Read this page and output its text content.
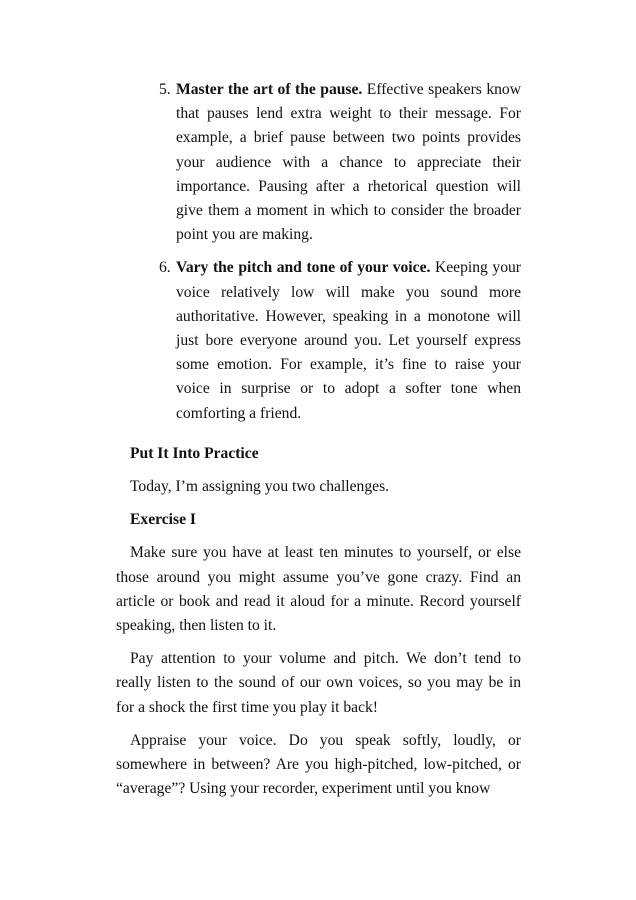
5. Master the art of the pause. Effective speakers know that pauses lend extra weight to their message. For example, a brief pause between two points provides your audience with a chance to appreciate their importance. Pausing after a rhetorical question will give them a moment in which to consider the broader point you are making.
6. Vary the pitch and tone of your voice. Keeping your voice relatively low will make you sound more authoritative. However, speaking in a monotone will just bore everyone around you. Let yourself express some emotion. For example, it’s fine to raise your voice in surprise or to adopt a softer tone when comforting a friend.
Put It Into Practice

Today, I’m assigning you two challenges.

Exercise I

Make sure you have at least ten minutes to yourself, or else those around you might assume you’ve gone crazy. Find an article or book and read it aloud for a minute. Record yourself speaking, then listen to it.

Pay attention to your volume and pitch. We don’t tend to really listen to the sound of our own voices, so you may be in for a shock the first time you play it back!

Appraise your voice. Do you speak softly, loudly, or somewhere in between? Are you high-pitched, low-pitched, or “average”? Using your recorder, experiment until you know
